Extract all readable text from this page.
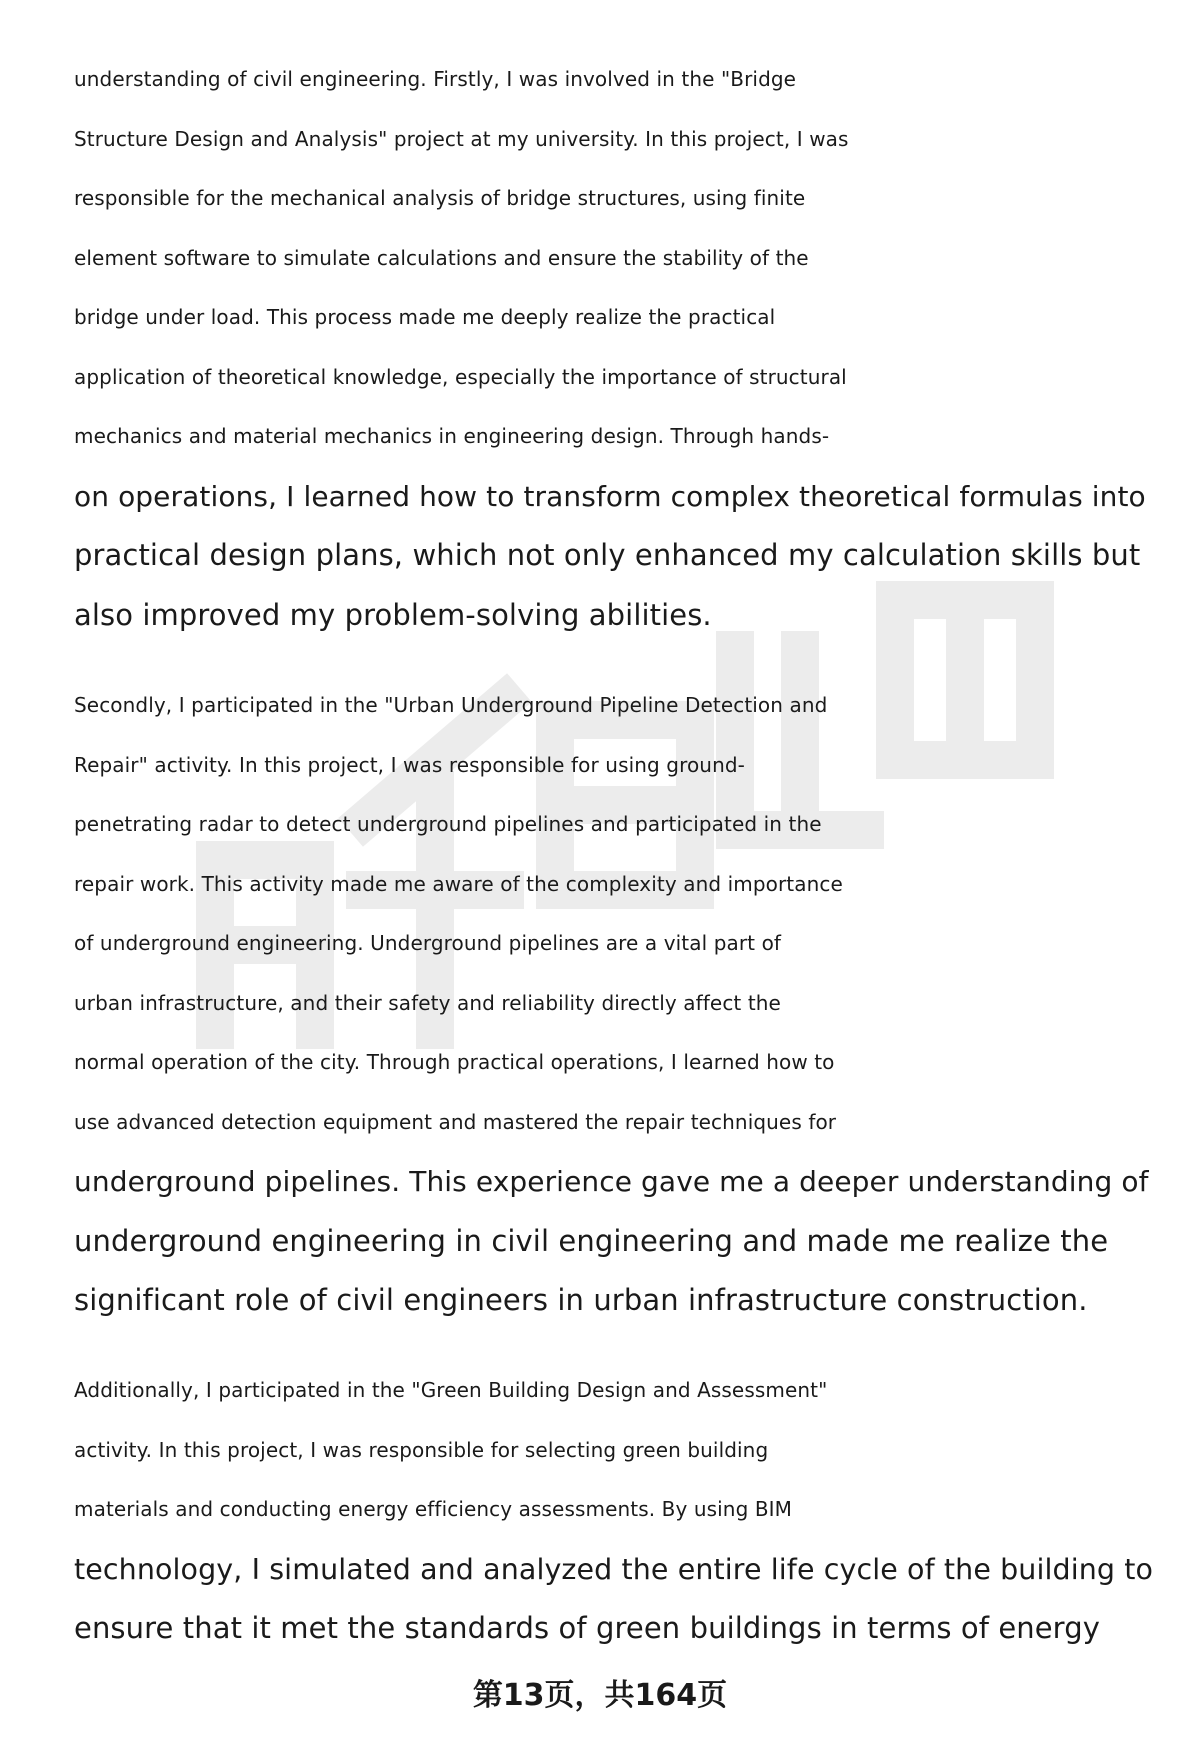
understanding of civil engineering. Firstly, I was involved in the "Bridge
Structure Design and Analysis" project at my university. In this project, I was
responsible for the mechanical analysis of bridge structures, using finite
element software to simulate calculations and ensure the stability of the
bridge under load. This process made me deeply realize the practical
application of theoretical knowledge, especially the importance of structural
mechanics and material mechanics in engineering design. Through hands-
on operations, I learned how to transform complex theoretical formulas into
practical design plans, which not only enhanced my calculation skills but
also improved my problem-solving abilities.
Secondly, I participated in the "Urban Underground Pipeline Detection and
Repair" activity. In this project, I was responsible for using ground-
penetrating radar to detect underground pipelines and participated in the
repair work. This activity made me aware of the complexity and importance
of underground engineering. Underground pipelines are a vital part of
urban infrastructure, and their safety and reliability directly affect the
normal operation of the city. Through practical operations, I learned how to
use advanced detection equipment and mastered the repair techniques for
underground pipelines. This experience gave me a deeper understanding of
underground engineering in civil engineering and made me realize the
significant role of civil engineers in urban infrastructure construction.
Additionally, I participated in the "Green Building Design and Assessment"
activity. In this project, I was responsible for selecting green building
materials and conducting energy efficiency assessments. By using BIM
technology, I simulated and analyzed the entire life cycle of the building to
ensure that it met the standards of green buildings in terms of energy
第13页，共164页
